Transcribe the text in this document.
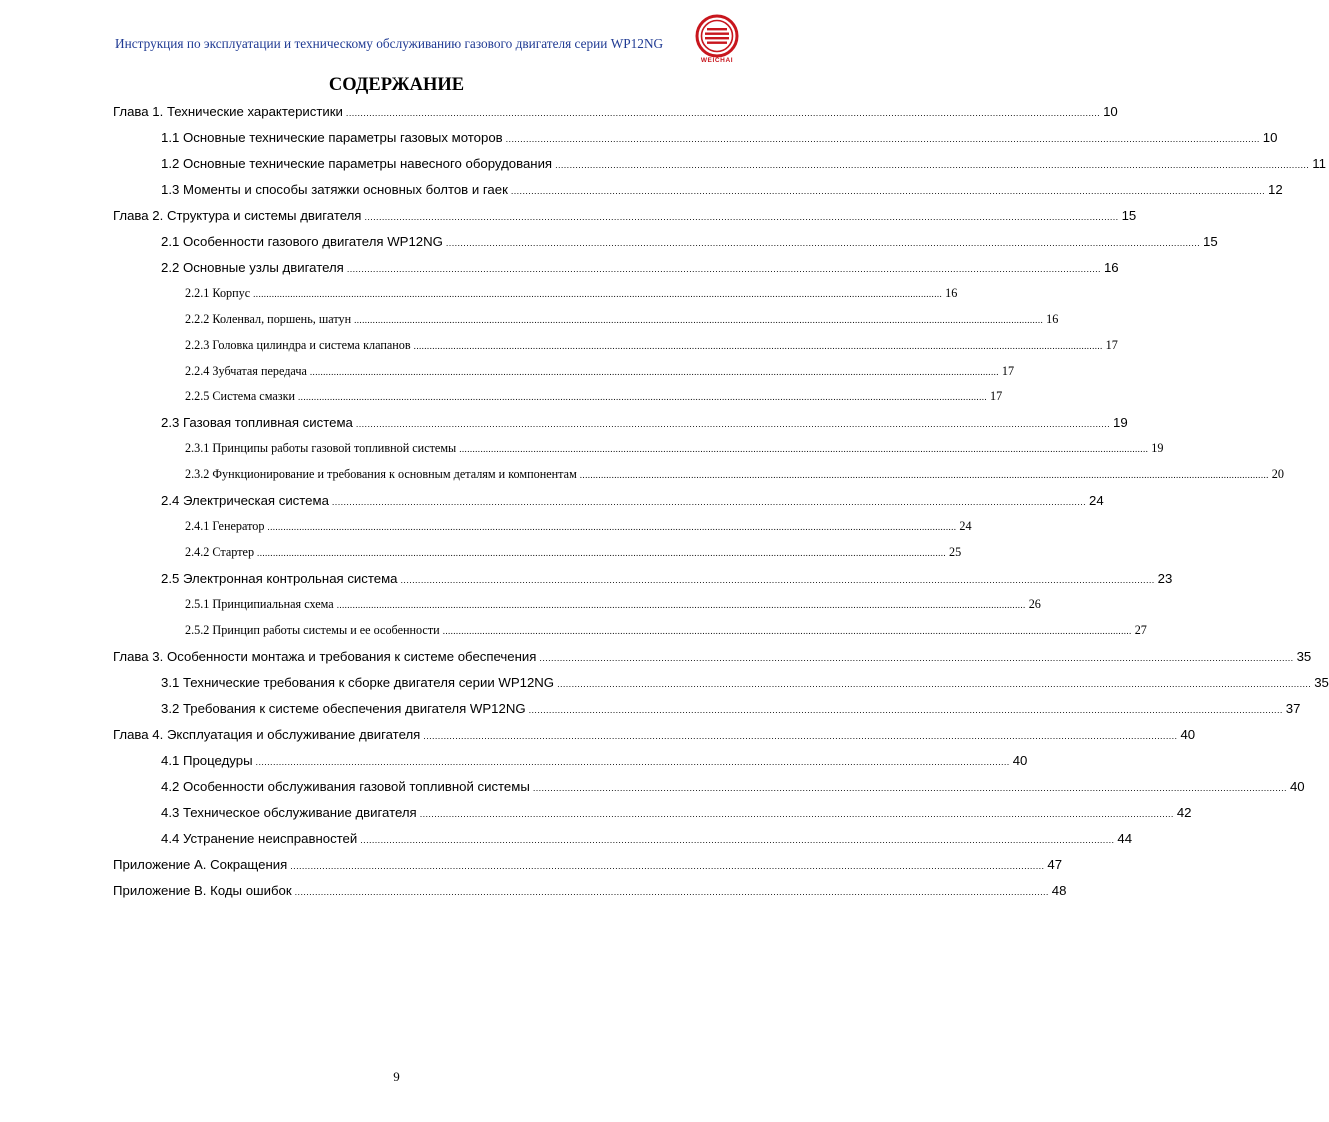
Инструкция по эксплуатации и техническому обслуживанию газового двигателя серии WP12NG
WEICHAI
СОДЕРЖАНИЕ
Глава 1. Технические характеристики .................................................................................................................................................................................................................................................................... 10
1.1 Основные технические параметры газовых моторов .................................................................................................................................................................................................................................................................... 10
1.2 Основные технические параметры навесного оборудования .................................................................................................................................................................................................................................................................... 11
1.3 Моменты и способы затяжки основных болтов и гаек .................................................................................................................................................................................................................................................................... 12
Глава 2. Структура и системы двигателя .................................................................................................................................................................................................................................................................... 15
2.1 Особенности газового двигателя WP12NG .................................................................................................................................................................................................................................................................... 15
2.2 Основные узлы двигателя .................................................................................................................................................................................................................................................................... 16
2.2.1 Корпус .................................................................................................................................................................................................................................................................... 16
2.2.2 Коленвал, поршень, шатун .................................................................................................................................................................................................................................................................... 16
2.2.3 Головка цилиндра и система клапанов .................................................................................................................................................................................................................................................................... 17
2.2.4 Зубчатая передача .................................................................................................................................................................................................................................................................... 17
2.2.5 Система смазки .................................................................................................................................................................................................................................................................... 17
2.3 Газовая топливная система .................................................................................................................................................................................................................................................................... 19
2.3.1 Принципы работы газовой топливной системы .................................................................................................................................................................................................................................................................... 19
2.3.2 Функционирование и требования к основным деталям и компонентам .................................................................................................................................................................................................................................................................... 20
2.4 Электрическая система .................................................................................................................................................................................................................................................................... 24
2.4.1 Генератор .................................................................................................................................................................................................................................................................... 24
2.4.2 Стартер .................................................................................................................................................................................................................................................................... 25
2.5 Электронная контрольная система .................................................................................................................................................................................................................................................................... 23
2.5.1 Принципиальная схема .................................................................................................................................................................................................................................................................... 26
2.5.2 Принцип работы системы и ее особенности .................................................................................................................................................................................................................................................................... 27
Глава 3. Особенности монтажа и требования к системе обеспечения .................................................................................................................................................................................................................................................................... 35
3.1 Технические требования к сборке двигателя серии WP12NG .................................................................................................................................................................................................................................................................... 35
3.2 Требования к системе обеспечения двигателя WP12NG .................................................................................................................................................................................................................................................................... 37
Глава 4. Эксплуатация и обслуживание двигателя .................................................................................................................................................................................................................................................................... 40
4.1 Процедуры .................................................................................................................................................................................................................................................................... 40
4.2 Особенности обслуживания газовой топливной системы .................................................................................................................................................................................................................................................................... 40
4.3 Техническое обслуживание двигателя .................................................................................................................................................................................................................................................................... 42
4.4 Устранение неисправностей .................................................................................................................................................................................................................................................................... 44
Приложение А. Сокращения .................................................................................................................................................................................................................................................................... 47
Приложение В. Коды ошибок .................................................................................................................................................................................................................................................................... 48
9
